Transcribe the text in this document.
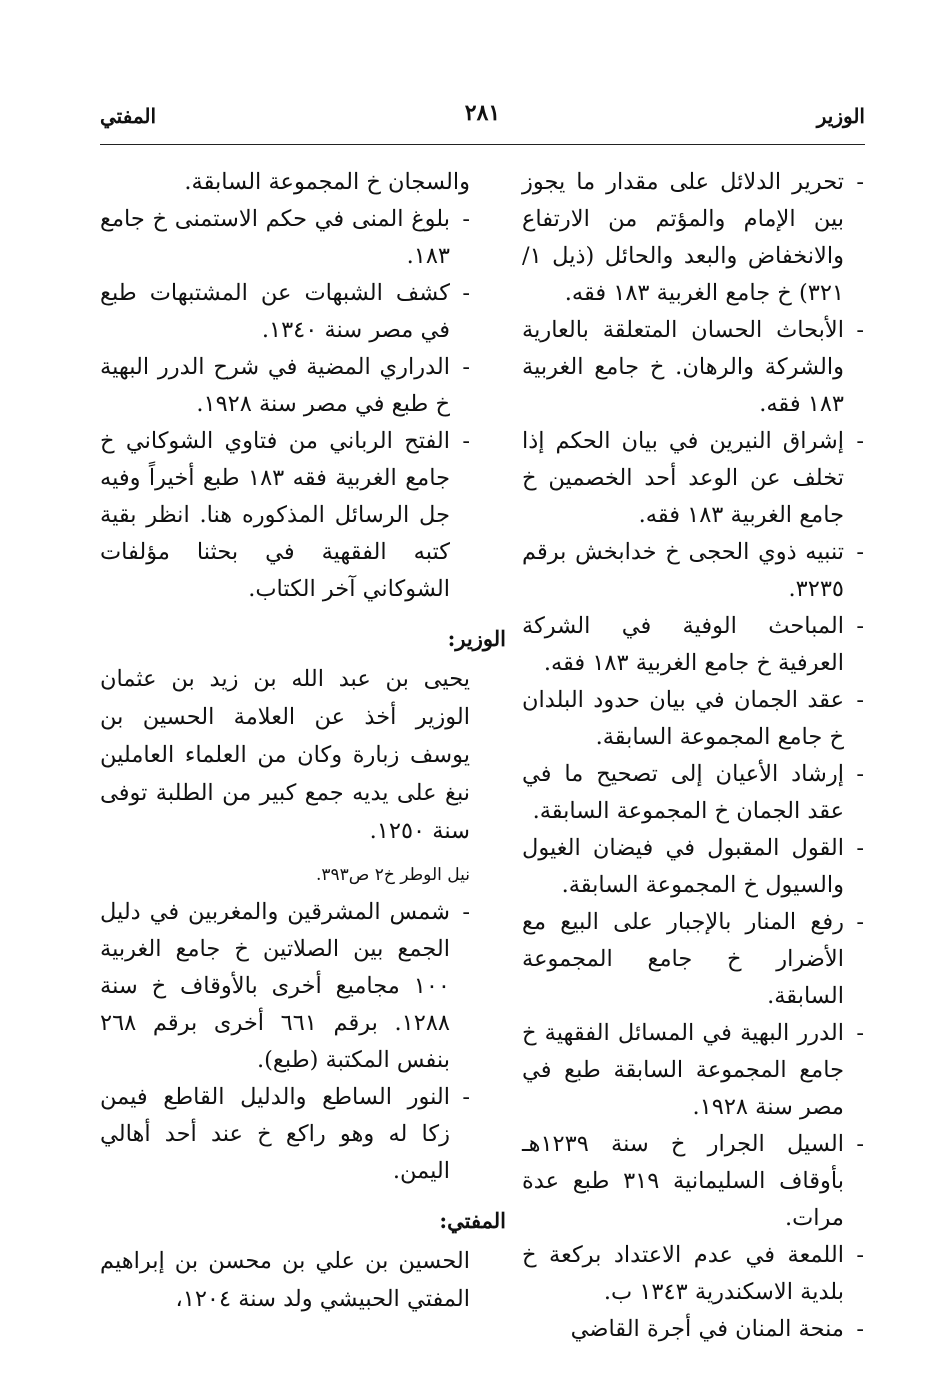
الوزير
٢٨١
المفتي
- تحرير الدلائل على مقدار ما يجوز بين الإمام والمؤتم من الارتفاع والانخفاض والبعد والحائل (ذيل ١/ ٣٢١) خ جامع الغربية ١٨٣ فقه.
- الأبحاث الحسان المتعلقة بالعارية والشركة والرهان. خ جامع الغربية ١٨٣ فقه.
- إشراق النيرين في بيان الحكم إذا تخلف عن الوعد أحد الخصمين خ جامع الغربية ١٨٣ فقه.
- تنبيه ذوي الحجى خ خدابخش برقم ٣٢٣٥.
- المباحث الوفية في الشركة العرفية خ جامع الغربية ١٨٣ فقه.
- عقد الجمان في بيان حدود البلدان خ جامع المجموعة السابقة.
- إرشاد الأعيان إلى تصحيح ما في عقد الجمان خ المجموعة السابقة.
- القول المقبول في فيضان الغيول والسيول خ المجموعة السابقة.
- رفع المنار بالإجبار على البيع مع الأضرار خ جامع المجموعة السابقة.
- الدرر البهية في المسائل الفقهية خ جامع المجموعة السابقة طبع في مصر سنة ١٩٢٨.
- السيل الجرار خ سنة ١٢٣٩هـ بأوقاف السليمانية ٣١٩ طبع عدة مرات.
- اللمعة في عدم الاعتداد بركعة خ بلدية الاسكندرية ١٣٤٣ ب.
- منحة المنان في أجرة القاضي
والسجان خ المجموعة السابقة.
- بلوغ المنى في حكم الاستمنى خ جامع ١٨٣.
- كشف الشبهات عن المشتبهات طبع في مصر سنة ١٣٤٠.
- الدراري المضية في شرح الدرر البهية خ طبع في مصر سنة ١٩٢٨.
- الفتح الرباني من فتاوي الشوكاني خ جامع الغربية فقه ١٨٣ طبع أخيراً وفيه جل الرسائل المذكوره هنا. انظر بقية كتبه الفقهية في بحثنا مؤلفات الشوكاني آخر الكتاب.
الوزير:
يحيى بن عبد الله بن زيد بن عثمان الوزير أخذ عن العلامة الحسين بن يوسف زبارة وكان من العلماء العاملين نبغ على يديه جمع كبير من الطلبة توفى سنة ١٢٥٠.
نيل الوطر خ٢ ص٣٩٣.
- شمس المشرقين والمغربين في دليل الجمع بين الصلاتين خ جامع الغربية ١٠٠ مجاميع أخرى بالأوقاف خ سنة ١٢٨٨. برقم ٦٦١ أخرى برقم ٢٦٨ بنفس المكتبة (طبع).
- النور الساطع والدليل القاطع فيمن زكا له وهو راكع خ عند أحد أهالي اليمن.
المفتي:
الحسين بن علي بن محسن بن إبراهيم المفتي الحبيشي ولد سنة ١٢٠٤،
